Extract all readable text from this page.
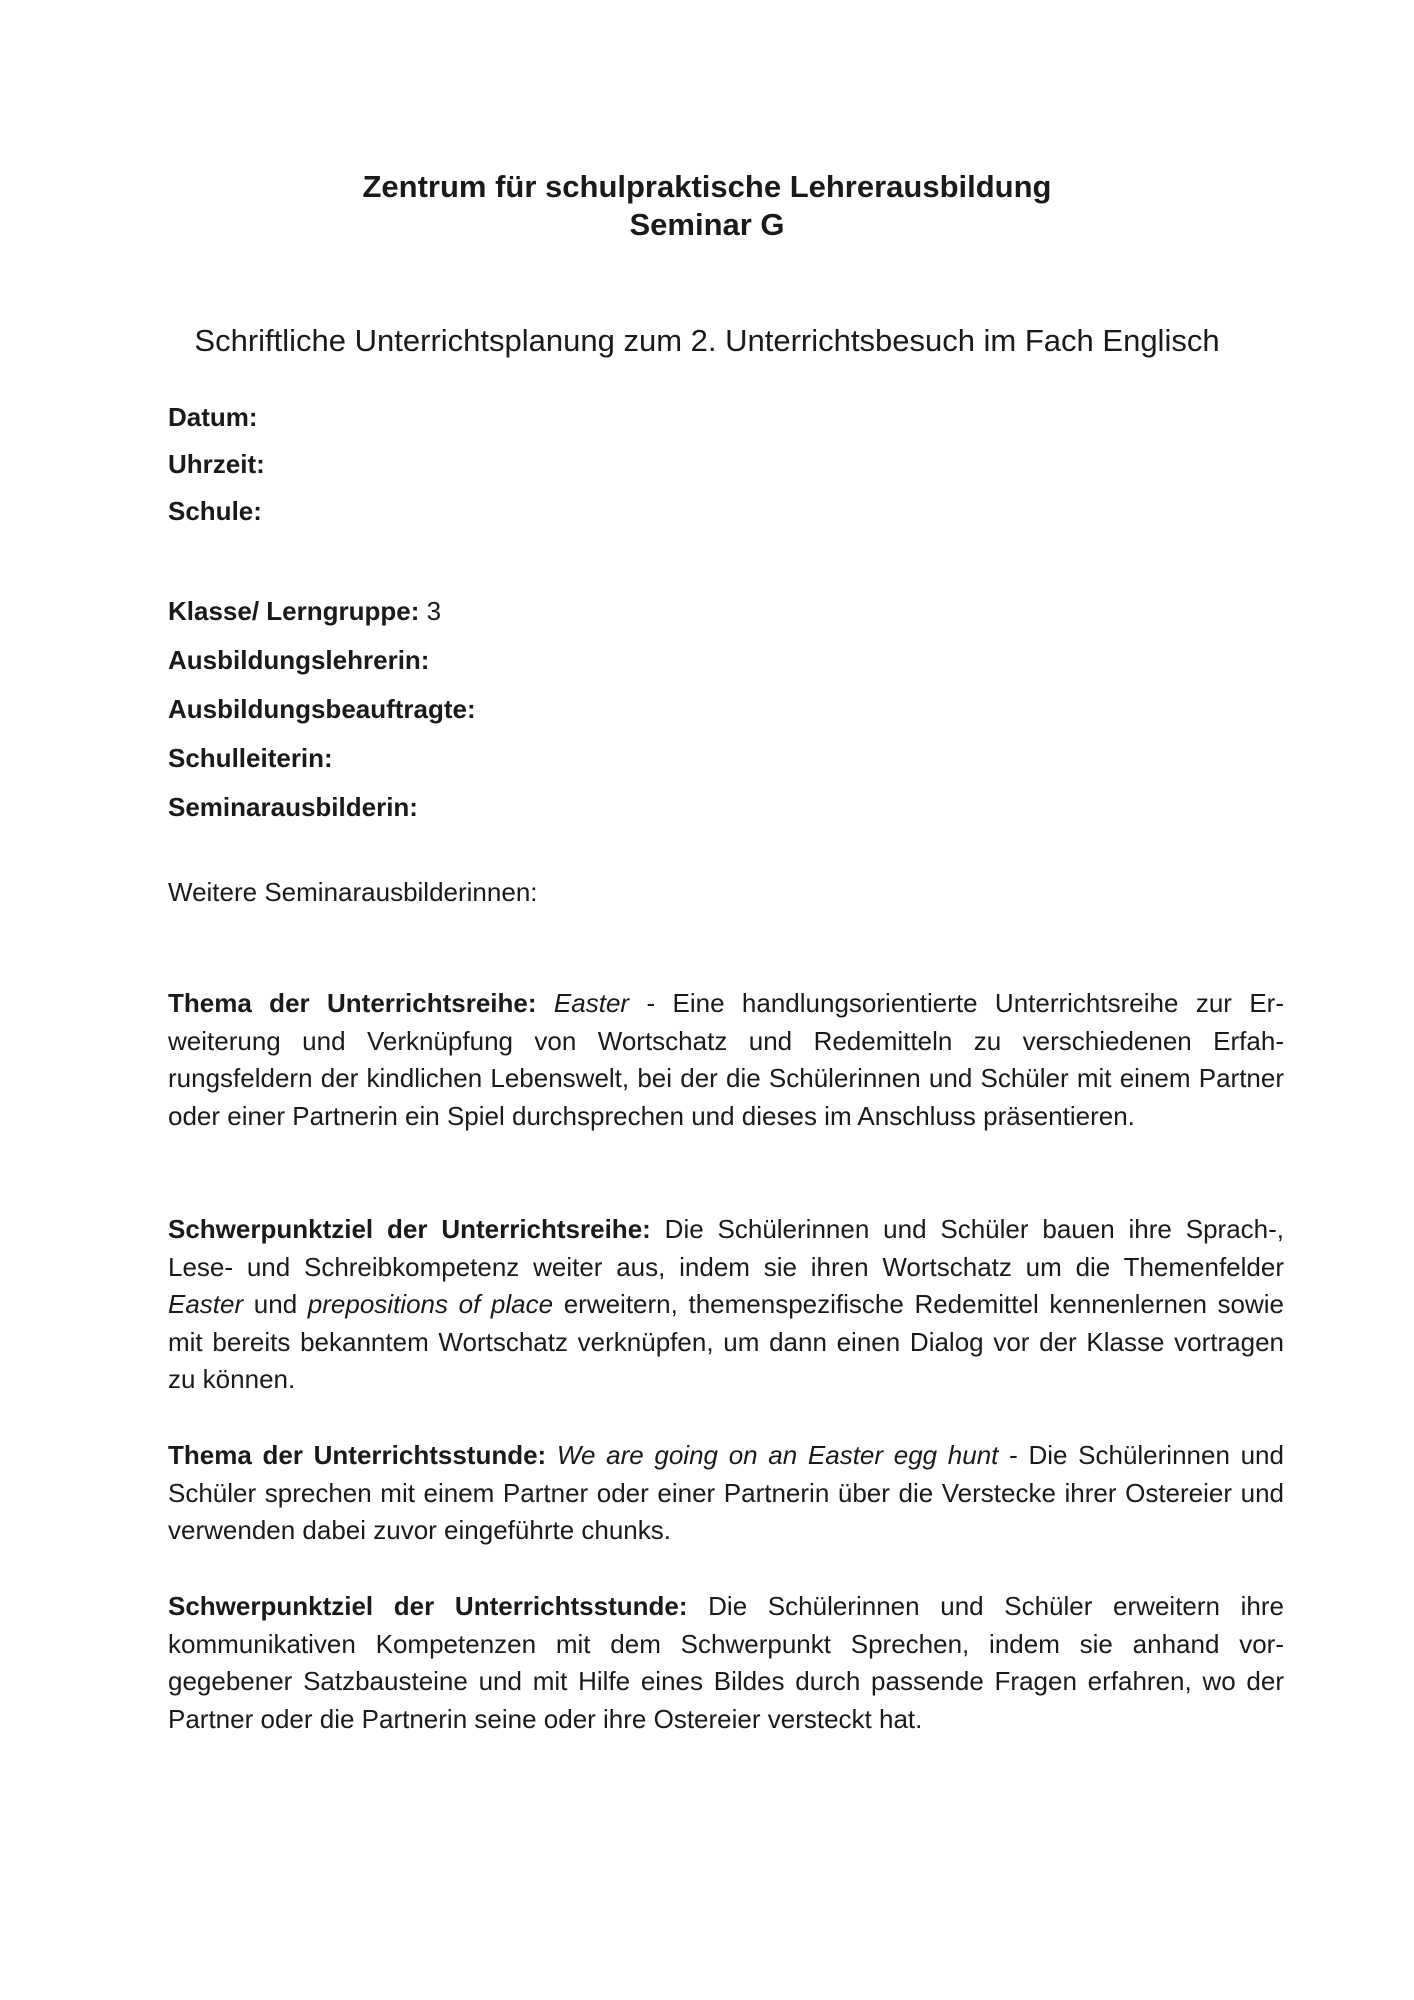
Zentrum für schulpraktische Lehrerausbildung
Seminar G
Schriftliche Unterrichtsplanung zum 2. Unterrichtsbesuch im Fach Englisch
Datum:
Uhrzeit:
Schule:
Klasse/ Lerngruppe: 3
Ausbildungslehrerin:
Ausbildungsbeauftragte:
Schulleiterin:
Seminarausbilderin:
Weitere Seminarausbilderinnen:
Thema der Unterrichtsreihe: Easter - Eine handlungsorientierte Unterrichtsreihe zur Erweiterung und Verknüpfung von Wortschatz und Redemitteln zu verschiedenen Erfahrungsfeldern der kindlichen Lebenswelt, bei der die Schülerinnen und Schüler mit einem Partner oder einer Partnerin ein Spiel durchsprechen und dieses im Anschluss präsentieren.
Schwerpunktziel der Unterrichtsreihe: Die Schülerinnen und Schüler bauen ihre Sprach-, Lese- und Schreibkompetenz weiter aus, indem sie ihren Wortschatz um die Themenfelder Easter und prepositions of place erweitern, themenspezifische Redemittel kennenlernen sowie mit bereits bekanntem Wortschatz verknüpfen, um dann einen Dialog vor der Klasse vortragen zu können.
Thema der Unterrichtsstunde: We are going on an Easter egg hunt - Die Schülerinnen und Schüler sprechen mit einem Partner oder einer Partnerin über die Verstecke ihrer Ostereier und verwenden dabei zuvor eingeführte chunks.
Schwerpunktziel der Unterrichtsstunde: Die Schülerinnen und Schüler erweitern ihre kommunikativen Kompetenzen mit dem Schwerpunkt Sprechen, indem sie anhand vorgegebener Satzbausteine und mit Hilfe eines Bildes durch passende Fragen erfahren, wo der Partner oder die Partnerin seine oder ihre Ostereier versteckt hat.
